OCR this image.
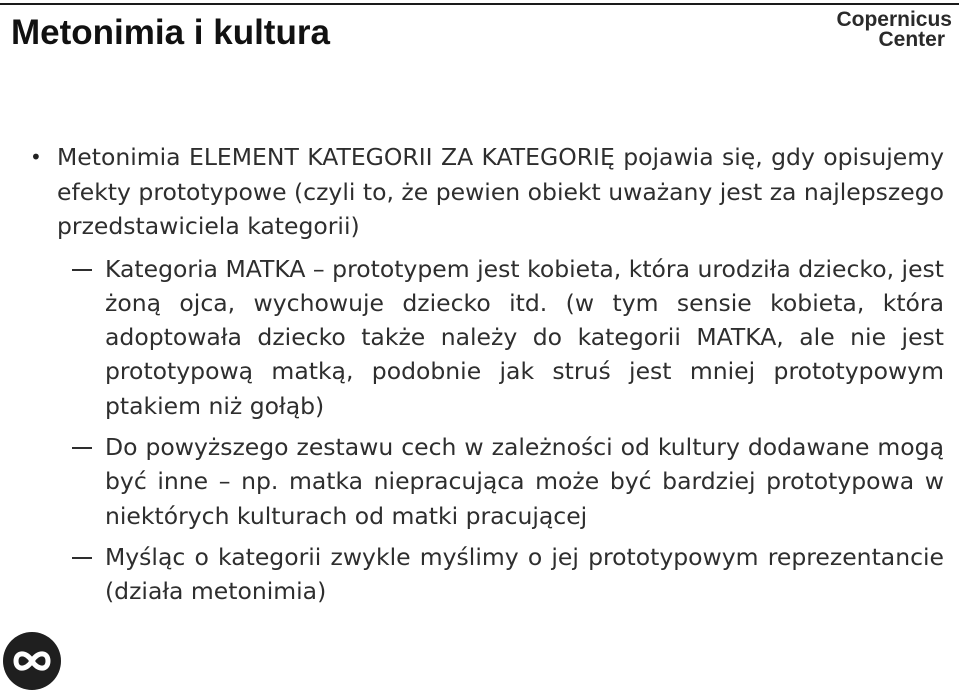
Metonimia i kultura	Copernicus
Center
• Metonimia ELEMENT KATEGORII ZA KATEGORIĘ pojawia się, gdy opisujemy efekty prototypowe (czyli to, że pewien obiekt uważany jest za najlepszego przedstawiciela kategorii)
Kategoria MATKA – prototypem jest kobieta, która urodziła dziecko, jest żoną ojca, wychowuje dziecko itd. (w tym sensie kobieta, która adoptowała dziecko także należy do kategorii MATKA, ale nie jest prototypową matką, podobnie jak struś jest mniej prototypowym ptakiem niż gołąb)
Do powyższego zestawu cech w zależności od kultury dodawane mogą być inne – np. matka niepracująca może być bardziej prototypowa w niektórych kulturach od matki pracującej
Myśląc o kategorii zwykle myślimy o jej prototypowym reprezentancie (działa metonimia)
